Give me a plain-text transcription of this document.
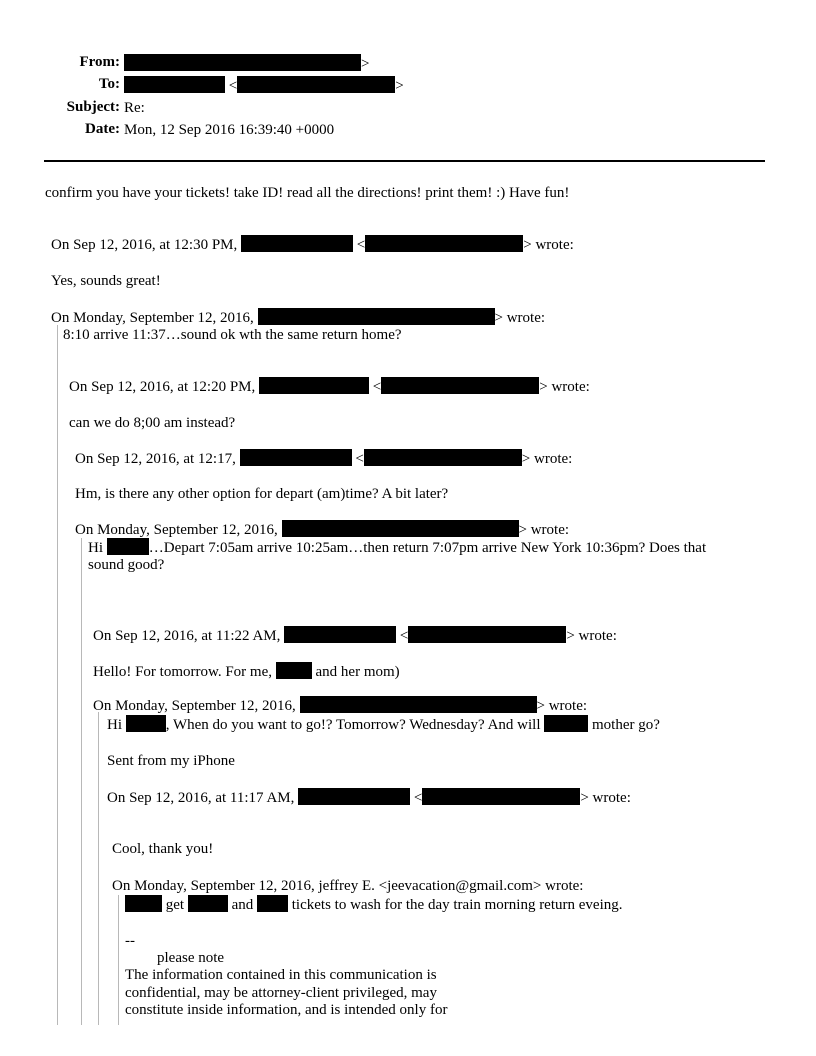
From:	>
To:	<	>
Subject: Re:
Date: Mon, 12 Sep 2016 16:39:40 +0000
confirm you have your tickets! take ID! read all the directions! print them! :) Have fun!
On Sep 12, 2016, at 12:30 PM,	<	> wrote:
Yes, sounds great!
On Monday, September 12, 2016,	> wrote:
8:10 arrive 11:37…sound ok wth the same return home?
On Sep 12, 2016, at 12:20 PM,	<	> wrote:
can we do 8;00 am instead?
On Sep 12, 2016, at 12:17,	<	> wrote:
Hm, is there any other option for depart (am)time? A bit later?
On Monday, September 12, 2016,	> wrote:
Hi	…Depart 7:05am arrive 10:25am…then return 7:07pm arrive New York 10:36pm? Does that
sound good?
On Sep 12, 2016, at 11:22 AM,	<	> wrote:
Hello! For tomorrow. For me,	and her mom)
On Monday, September 12, 2016,	> wrote:
Hi	, When do you want to go!? Tomorrow? Wednesday? And will	mother go?
Sent from my iPhone
On Sep 12, 2016, at 11:17 AM,	<	> wrote:
Cool, thank you!
On Monday, September 12, 2016, jeffrey E. <jeevacation@gmail.com> wrote:
get	and	tickets to wash for the day train morning return eveing.
--
please note
The information contained in this communication is
confidential, may be attorney-client privileged, may
constitute inside information, and is intended only for
